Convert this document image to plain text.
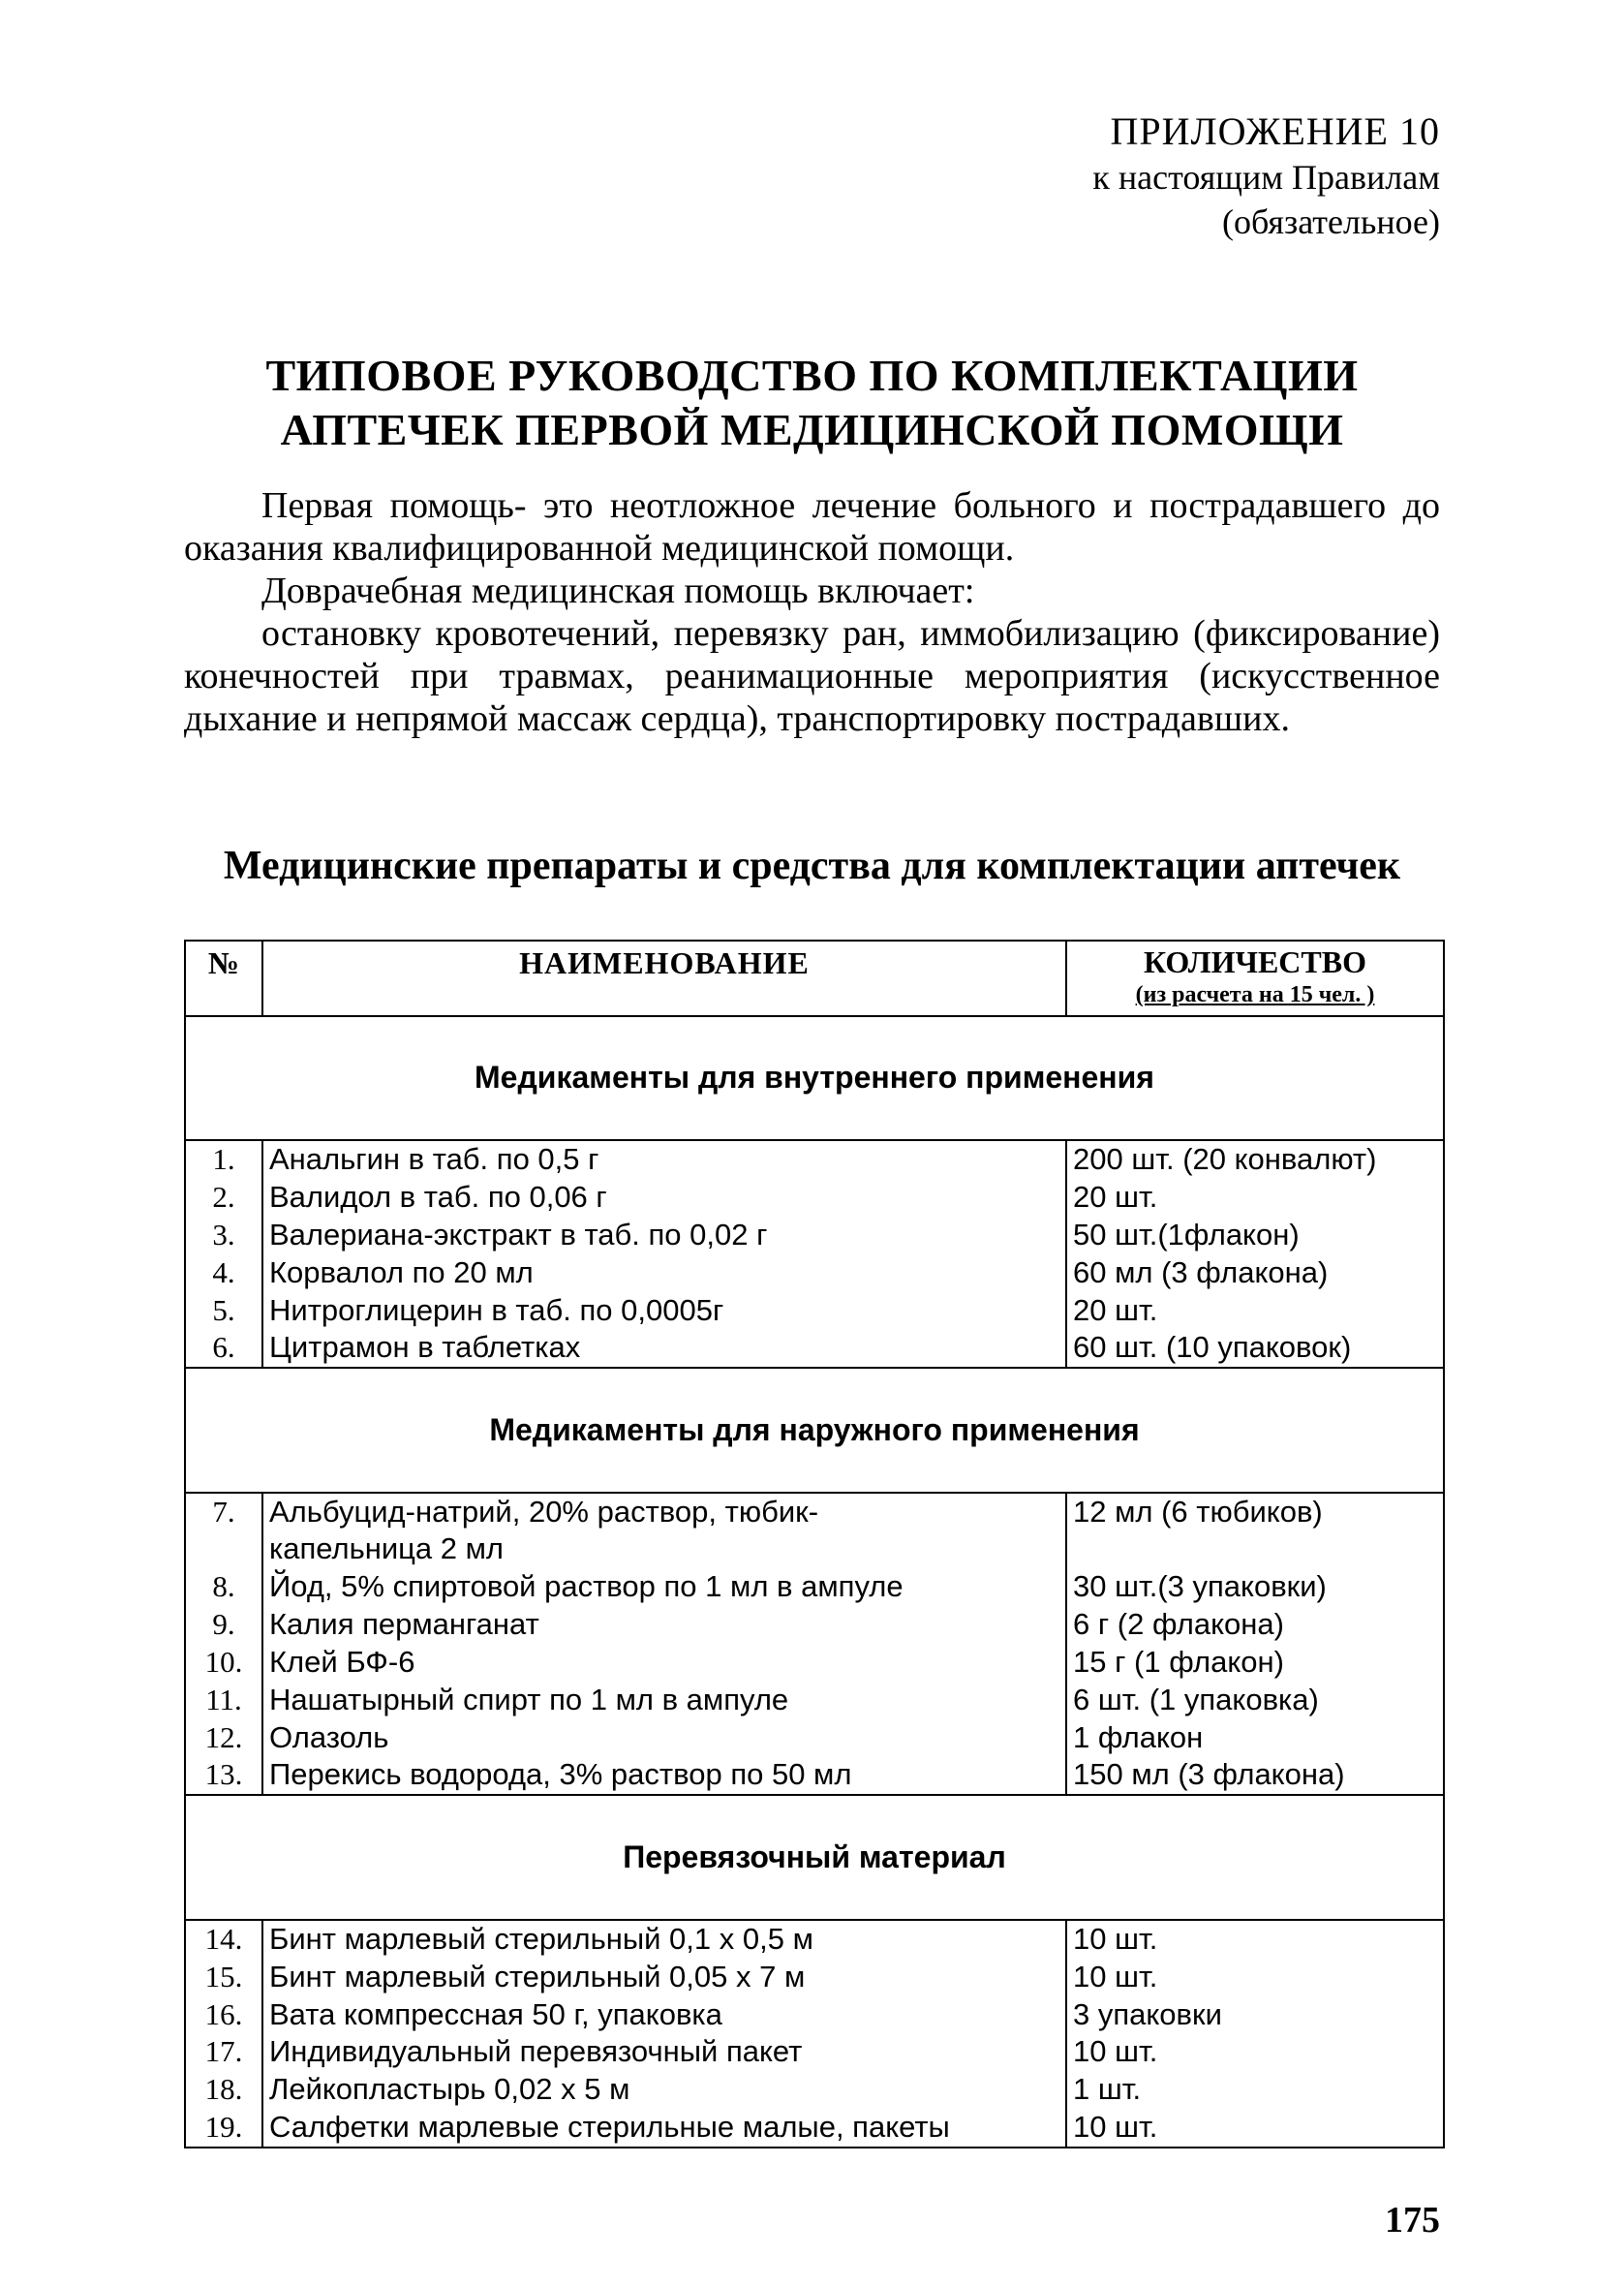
ПРИЛОЖЕНИЕ 10
к настоящим Правилам
(обязательное)
ТИПОВОЕ РУКОВОДСТВО ПО КОМПЛЕКТАЦИИ
АПТЕЧЕК ПЕРВОЙ МЕДИЦИНСКОЙ ПОМОЩИ

Первая помощь- это неотложное лечение больного и пострадавшего до оказания квалифицированной медицинской помощи.

Доврачебная медицинская помощь включает:

остановку кровотечений, перевязку ран, иммобилизацию (фиксирование) конечностей при травмах, реанимационные мероприятия (искусственное дыхание и непрямой массаж сердца), транспортировку пострадавших.

Медицинские препараты и средства для комплектации аптечек
№	НАИМЕНОВАНИЕ	КОЛИЧЕСТВО
(из расчета на 15 чел. )

Медикаменты для внутреннего применения		
1.	Анальгин в таб. по 0,5 г	200 шт. (20 конвалют)
2.	Валидол в таб. по 0,06 г	20 шт.
3.	Валериана-экстракт в таб. по 0,02 г	50 шт.(1флакон)
4.	Корвалол по 20 мл	60 мл (3 флакона)
5.	Нитроглицерин в таб. по 0,0005г	20 шт.
6.	Цитрамон в таблетках	60 шт. (10 упаковок)
Медикаменты для наружного применения		
7.	Альбуцид-натрий, 20% раствор, тюбик-
капельница 2 мл	12 мл (6 тюбиков)
8.	Йод, 5% спиртовой раствор по 1 мл в ампуле	30 шт.(3 упаковки)
9.	Калия перманганат	6 г (2 флакона)
10.	Клей БФ-6	15 г (1 флакон)
11.	Нашатырный спирт по 1 мл в ампуле	6 шт. (1 упаковка)
12.	Олазоль	1 флакон
13.	Перекись водорода, 3% раствор по 50 мл	150 мл (3 флакона)
Перевязочный материал		
14.	Бинт марлевый стерильный 0,1 х 0,5 м	10 шт.
15.	Бинт марлевый стерильный 0,05 х 7 м	10 шт.
16.	Вата компрессная 50 г, упаковка	3 упаковки
17.	Индивидуальный перевязочный пакет	10 шт.
18.	Лейкопластырь 0,02 х 5 м	1 шт.
19.	Салфетки марлевые стерильные малые, пакеты	10 шт.
175
